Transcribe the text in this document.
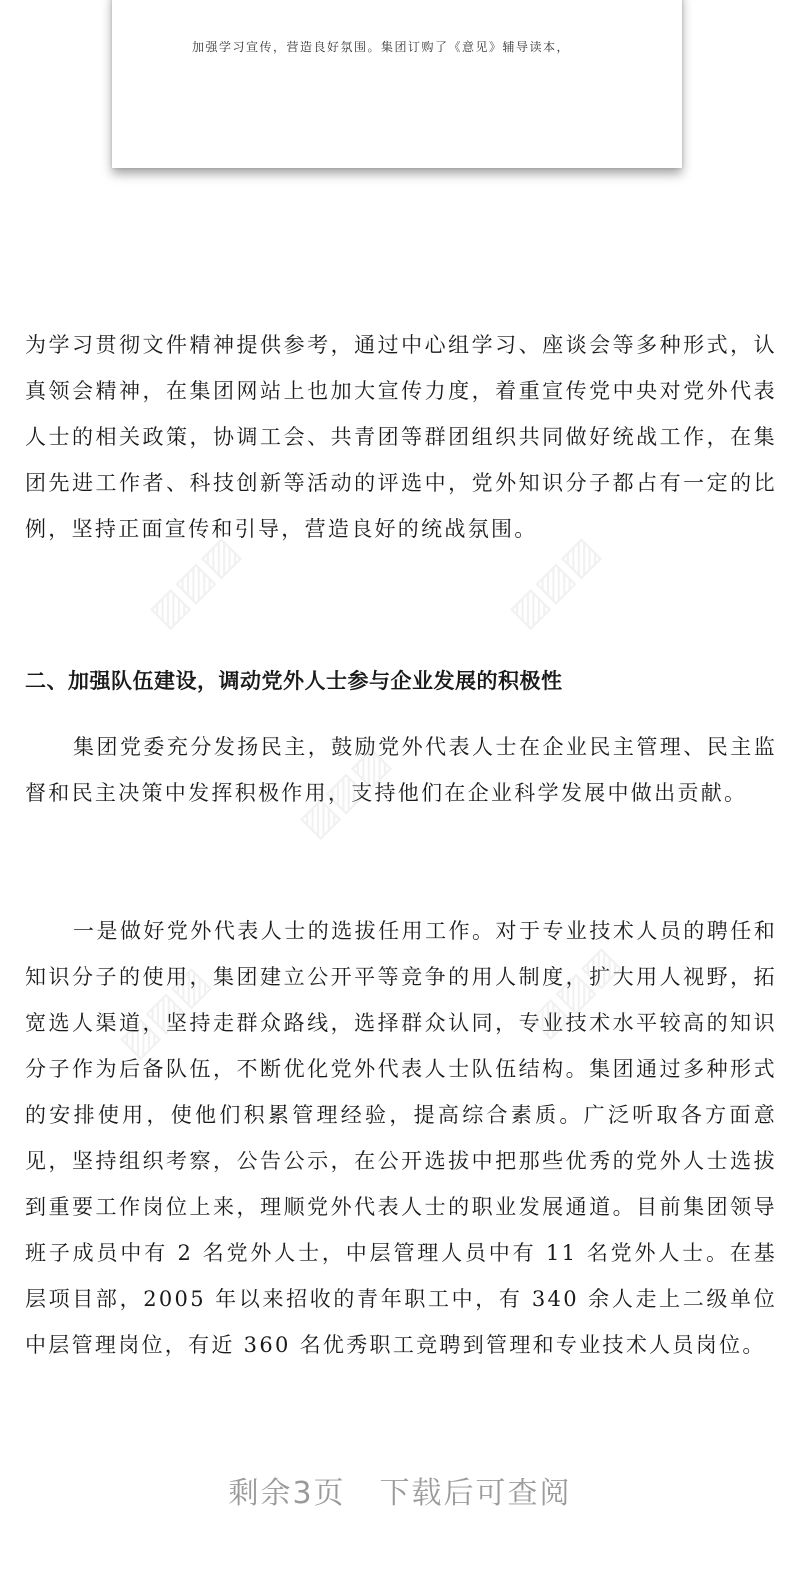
加强学习宣传，营造良好氛围。集团订购了《意见》辅导读本，

为学习贯彻文件精神提供参考，通过中心组学习、座谈会等多种形式，认真领会精神，在集团网站上也加大宣传力度，着重宣传党中央对党外代表人士的相关政策，协调工会、共青团等群团组织共同做好统战工作，在集团先进工作者、科技创新等活动的评选中，党外知识分子都占有一定的比例，坚持正面宣传和引导，营造良好的统战氛围。

▨▨▨	▨▨▨
二、加强队伍建设，调动党外人士参与企业发展的积极性

集团党委充分发扬民主，鼓励党外代表人士在企业民主管理、民主监督和民主决策中发挥积极作用，支持他们在企业科学发展中做出贡献。

▨▨▨

一是做好党外代表人士的选拔任用工作。对于专业技术人员的聘任和知识分子的使用，集团建立公开平等竞争的用人制度，扩大用人视野，拓宽选人渠道，坚持走群众路线，选择群众认同，专业技术水平较高的知识分子作为后备队伍，不断优化党外代表人士队伍结构。集团通过多种形式的安排使用，使他们积累管理经验，提高综合素质。广泛听取各方面意见，坚持组织考察，公告公示，在公开选拔中把那些优秀的党外人士选拔到重要工作岗位上来，理顺党外代表人士的职业发展通道。目前集团领导班子成员中有 2 名党外人士，中层管理人员中有 11 名党外人士。在基层项目部，2005 年以来招收的青年职工中，有 340 余人走上二级单位中层管理岗位，有近 360 名优秀职工竞聘到管理和专业技术人员岗位。

▨▨▨	▨▨▨
剩余3页 下载后可查阅
